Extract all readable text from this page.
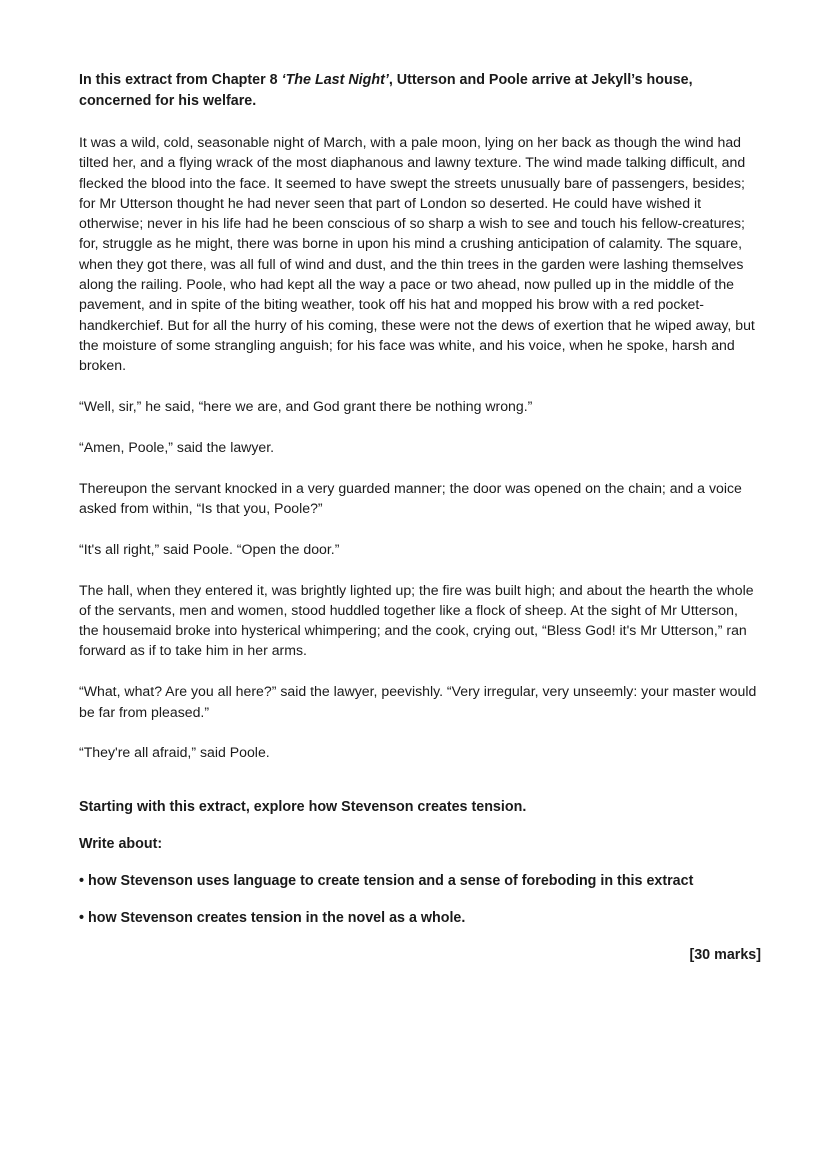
In this extract from Chapter 8 ‘The Last Night’, Utterson and Poole arrive at Jekyll’s house, concerned for his welfare.

It was a wild, cold, seasonable night of March, with a pale moon, lying on her back as though the wind had tilted her, and a flying wrack of the most diaphanous and lawny texture. The wind made talking difficult, and flecked the blood into the face. It seemed to have swept the streets unusually bare of passengers, besides; for Mr Utterson thought he had never seen that part of London so deserted. He could have wished it otherwise; never in his life had he been conscious of so sharp a wish to see and touch his fellow-creatures; for, struggle as he might, there was borne in upon his mind a crushing anticipation of calamity. The square, when they got there, was all full of wind and dust, and the thin trees in the garden were lashing themselves along the railing. Poole, who had kept all the way a pace or two ahead, now pulled up in the middle of the pavement, and in spite of the biting weather, took off his hat and mopped his brow with a red pocket-handkerchief. But for all the hurry of his coming, these were not the dews of exertion that he wiped away, but the moisture of some strangling anguish; for his face was white, and his voice, when he spoke, harsh and broken.

“Well, sir,” he said, “here we are, and God grant there be nothing wrong.”

“Amen, Poole,” said the lawyer.

Thereupon the servant knocked in a very guarded manner; the door was opened on the chain; and a voice asked from within, “Is that you, Poole?”

“It's all right,” said Poole. “Open the door.”

The hall, when they entered it, was brightly lighted up; the fire was built high; and about the hearth the whole of the servants, men and women, stood huddled together like a flock of sheep. At the sight of Mr Utterson, the housemaid broke into hysterical whimpering; and the cook, crying out, “Bless God! it's Mr Utterson,” ran forward as if to take him in her arms.

“What, what? Are you all here?” said the lawyer, peevishly. “Very irregular, very unseemly: your master would be far from pleased.”

“They're all afraid,” said Poole.

Starting with this extract, explore how Stevenson creates tension.

Write about:

• how Stevenson uses language to create tension and a sense of foreboding in this extract

• how Stevenson creates tension in the novel as a whole.

[30 marks]
